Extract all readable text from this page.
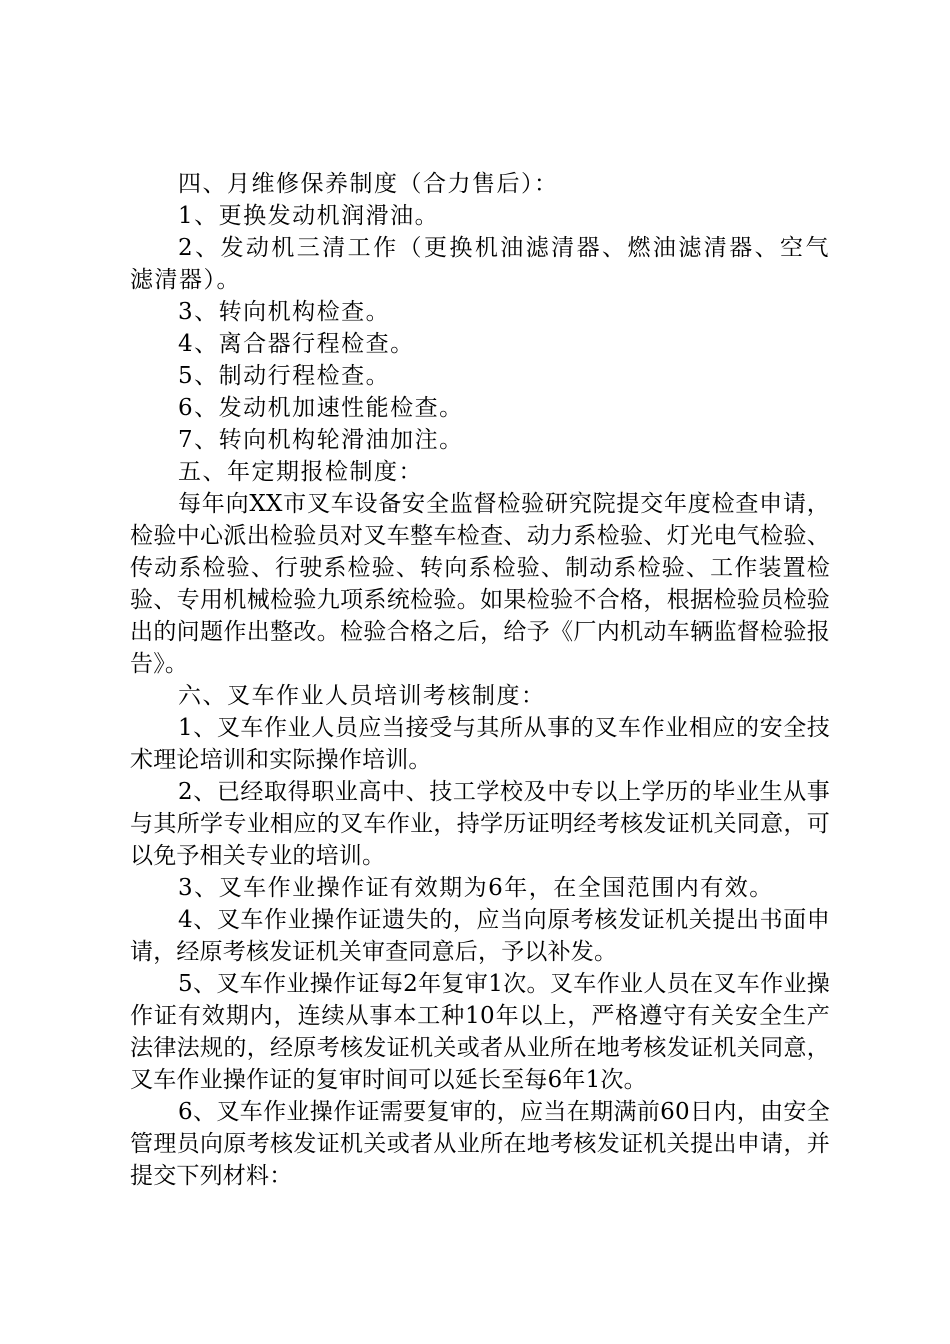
四、月维修保养制度（合力售后）：

1、更换发动机润滑油。

2、发动机三清工作（更换机油滤清器、燃油滤清器、空气滤清器）。

3、转向机构检查。

4、离合器行程检查。

5、制动行程检查。

6、发动机加速性能检查。

7、转向机构轮滑油加注。

五、年定期报检制度：

每年向XX市叉车设备安全监督检验研究院提交年度检查申请，检验中心派出检验员对叉车整车检查、动力系检验、灯光电气检验、传动系检验、行驶系检验、转向系检验、制动系检验、工作装置检验、专用机械检验九项系统检验。如果检验不合格，根据检验员检验出的问题作出整改。检验合格之后，给予《厂内机动车辆监督检验报告》。

六、叉车作业人员培训考核制度：

1、叉车作业人员应当接受与其所从事的叉车作业相应的安全技术理论培训和实际操作培训。

2、已经取得职业高中、技工学校及中专以上学历的毕业生从事与其所学专业相应的叉车作业，持学历证明经考核发证机关同意，可以免予相关专业的培训。

3、叉车作业操作证有效期为6年，在全国范围内有效。

4、叉车作业操作证遗失的，应当向原考核发证机关提出书面申请，经原考核发证机关审查同意后，予以补发。

5、叉车作业操作证每2年复审1次。叉车作业人员在叉车作业操作证有效期内，连续从事本工种10年以上，严格遵守有关安全生产法律法规的，经原考核发证机关或者从业所在地考核发证机关同意，叉车作业操作证的复审时间可以延长至每6年1次。

6、叉车作业操作证需要复审的，应当在期满前60日内，由安全管理员向原考核发证机关或者从业所在地考核发证机关提出申请，并提交下列材料：
